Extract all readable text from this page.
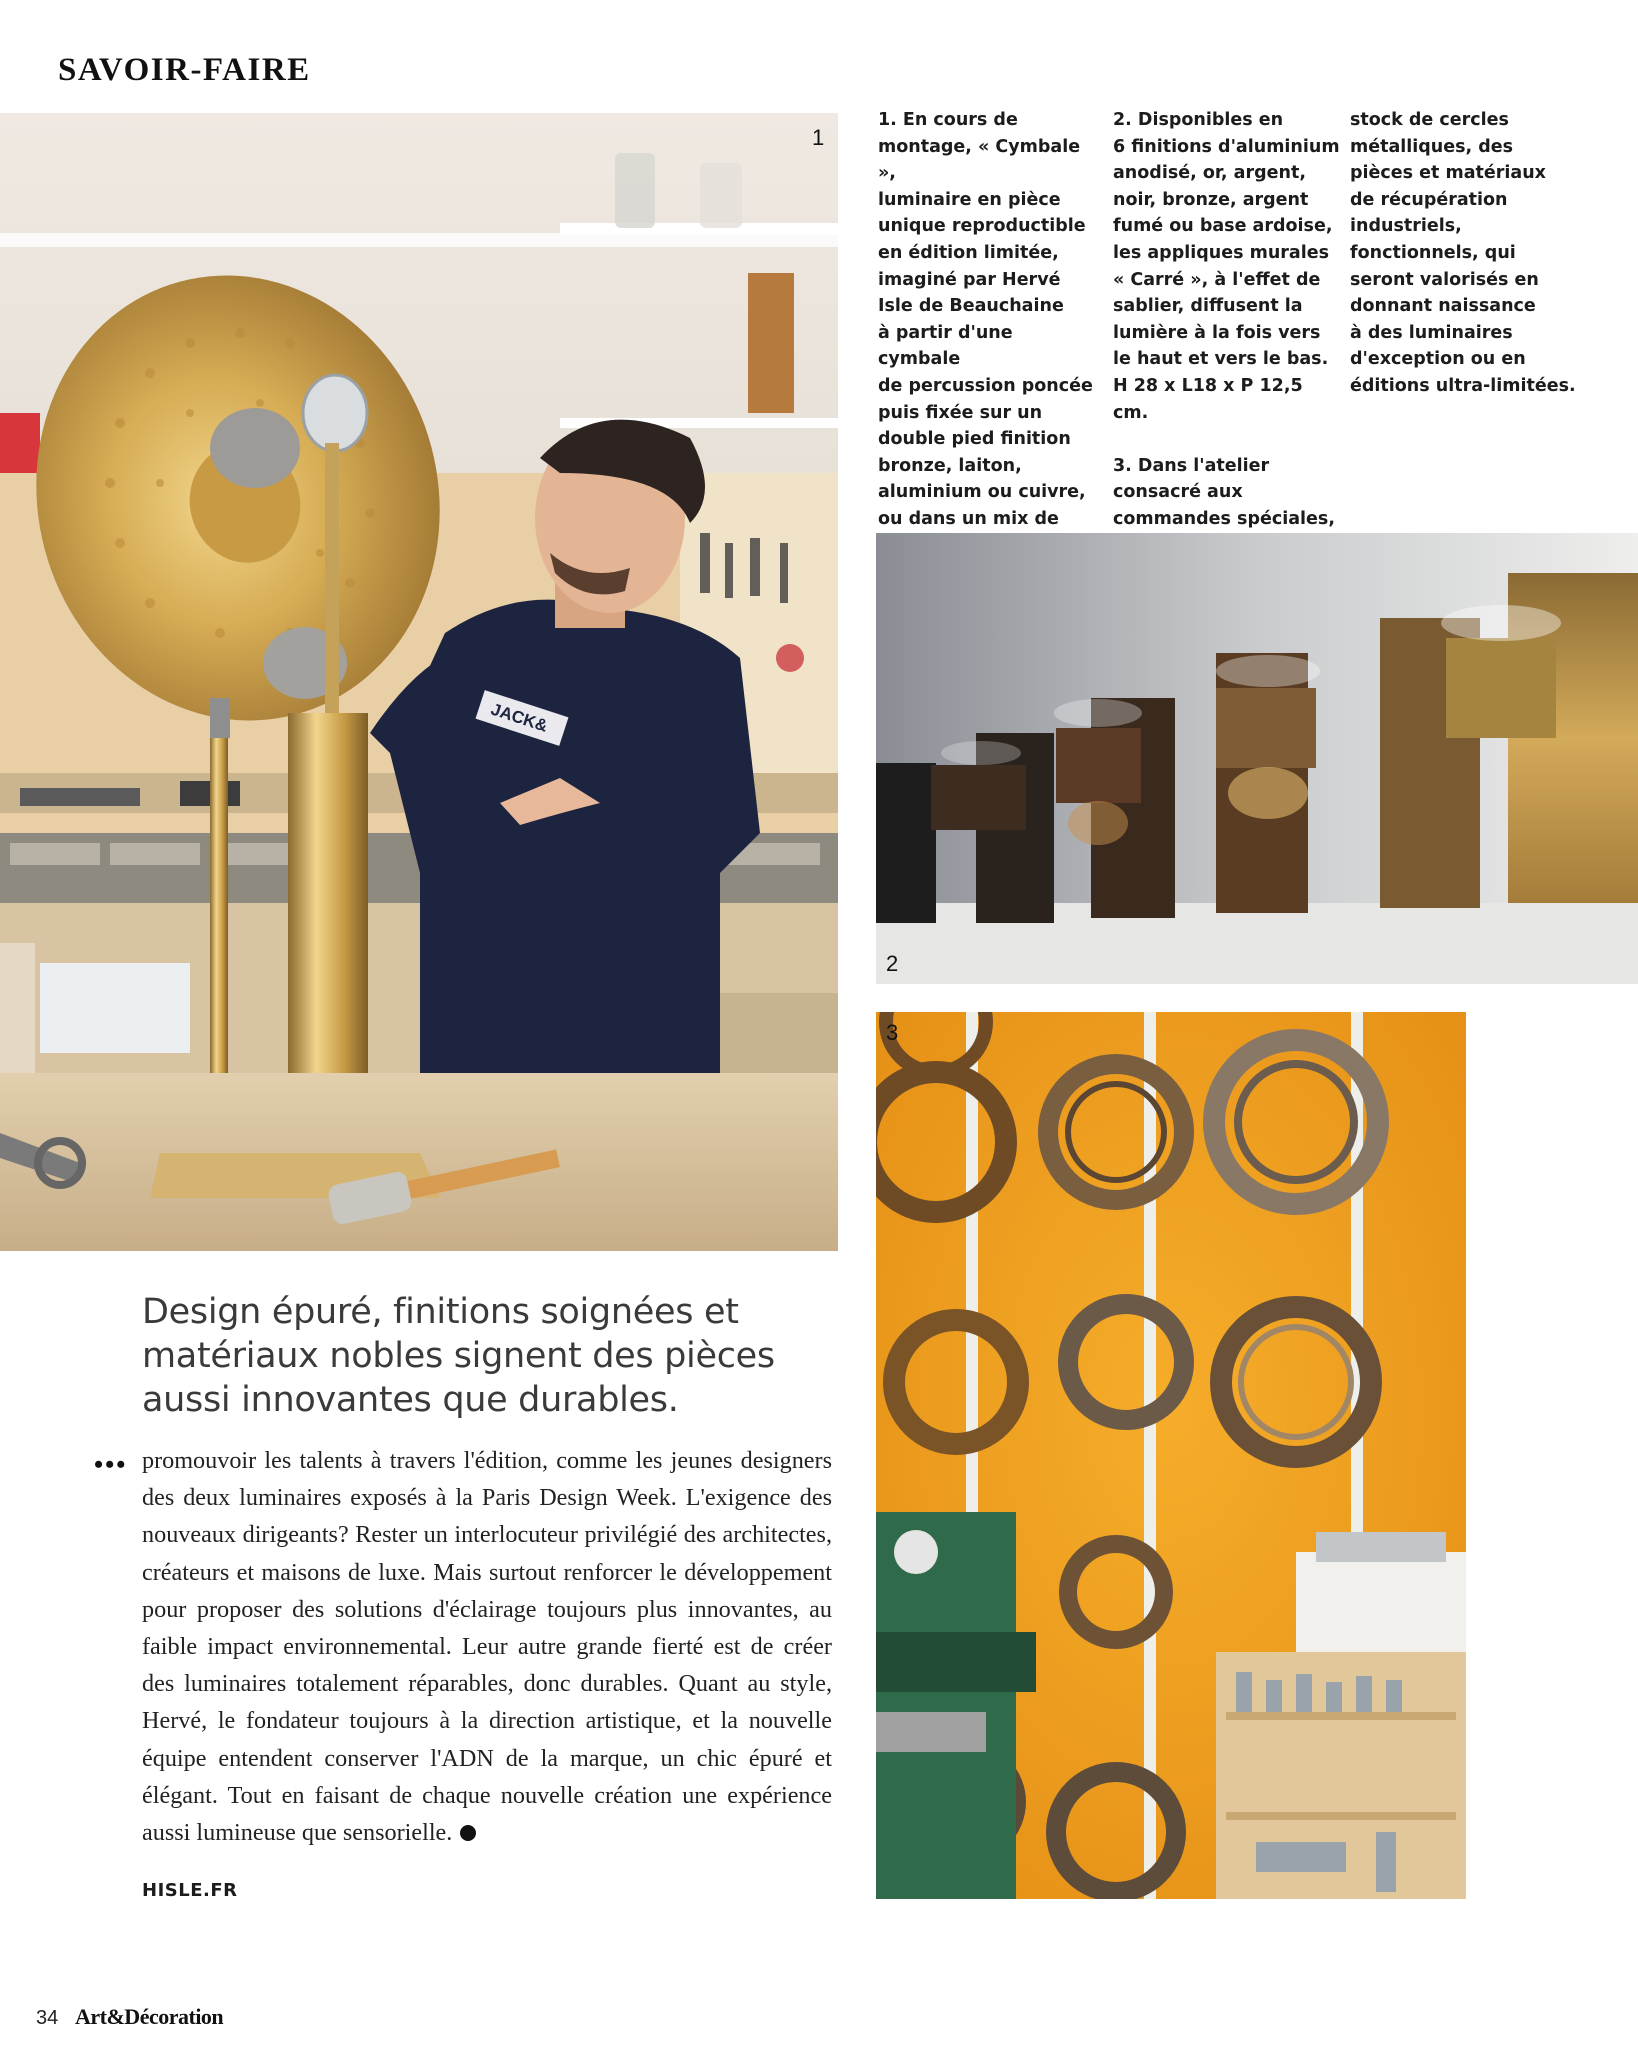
SAVOIR-FAIRE
JACK&
1
1. En cours de
montage, « Cymbale »,
luminaire en pièce
unique reproductible
en édition limitée,
imaginé par Hervé
Isle de Beauchaine
à partir d'une cymbale
de percussion poncée
puis fixée sur un
double pied finition
bronze, laiton,
aluminium ou cuivre,
ou dans un mix de

2. Disponibles en
6 finitions d'aluminium
anodisé, or, argent,
noir, bronze, argent
fumé ou base ardoise,
les appliques murales
« Carré », à l'effet de
sablier, diffusent la
lumière à la fois vers
le haut et vers le bas.
H 28 x L18 x P 12,5 cm.

3. Dans l'atelier
consacré aux
commandes spéciales,
stock de cercles
métalliques, des
pièces et matériaux
de récupération
industriels,
fonctionnels, qui
seront valorisés en
donnant naissance
à des luminaires
d'exception ou en
éditions ultra-limitées.
2
3
Design épuré, finitions soignées et
matériaux nobles signent des pièces
aussi innovantes que durables.
••• promouvoir les talents à travers l'édition, comme les jeunes designers des deux luminaires exposés à la Paris Design Week. L'exigence des nouveaux dirigeants? Rester un interlocuteur privilégié des architectes, créateurs et maisons de luxe. Mais surtout renforcer le développement pour proposer des solutions d'éclairage toujours plus innovantes, au faible impact environnemental. Leur autre grande fierté est de créer des luminaires totalement réparables, donc durables. Quant au style, Hervé, le fondateur toujours à la direction artistique, et la nouvelle équipe entendent conserver l'ADN de la marque, un chic épuré et élégant. Tout en faisant de chaque nouvelle création une expérience aussi lumineuse que sensorielle.
HISLE.FR
34 Art&Décoration
